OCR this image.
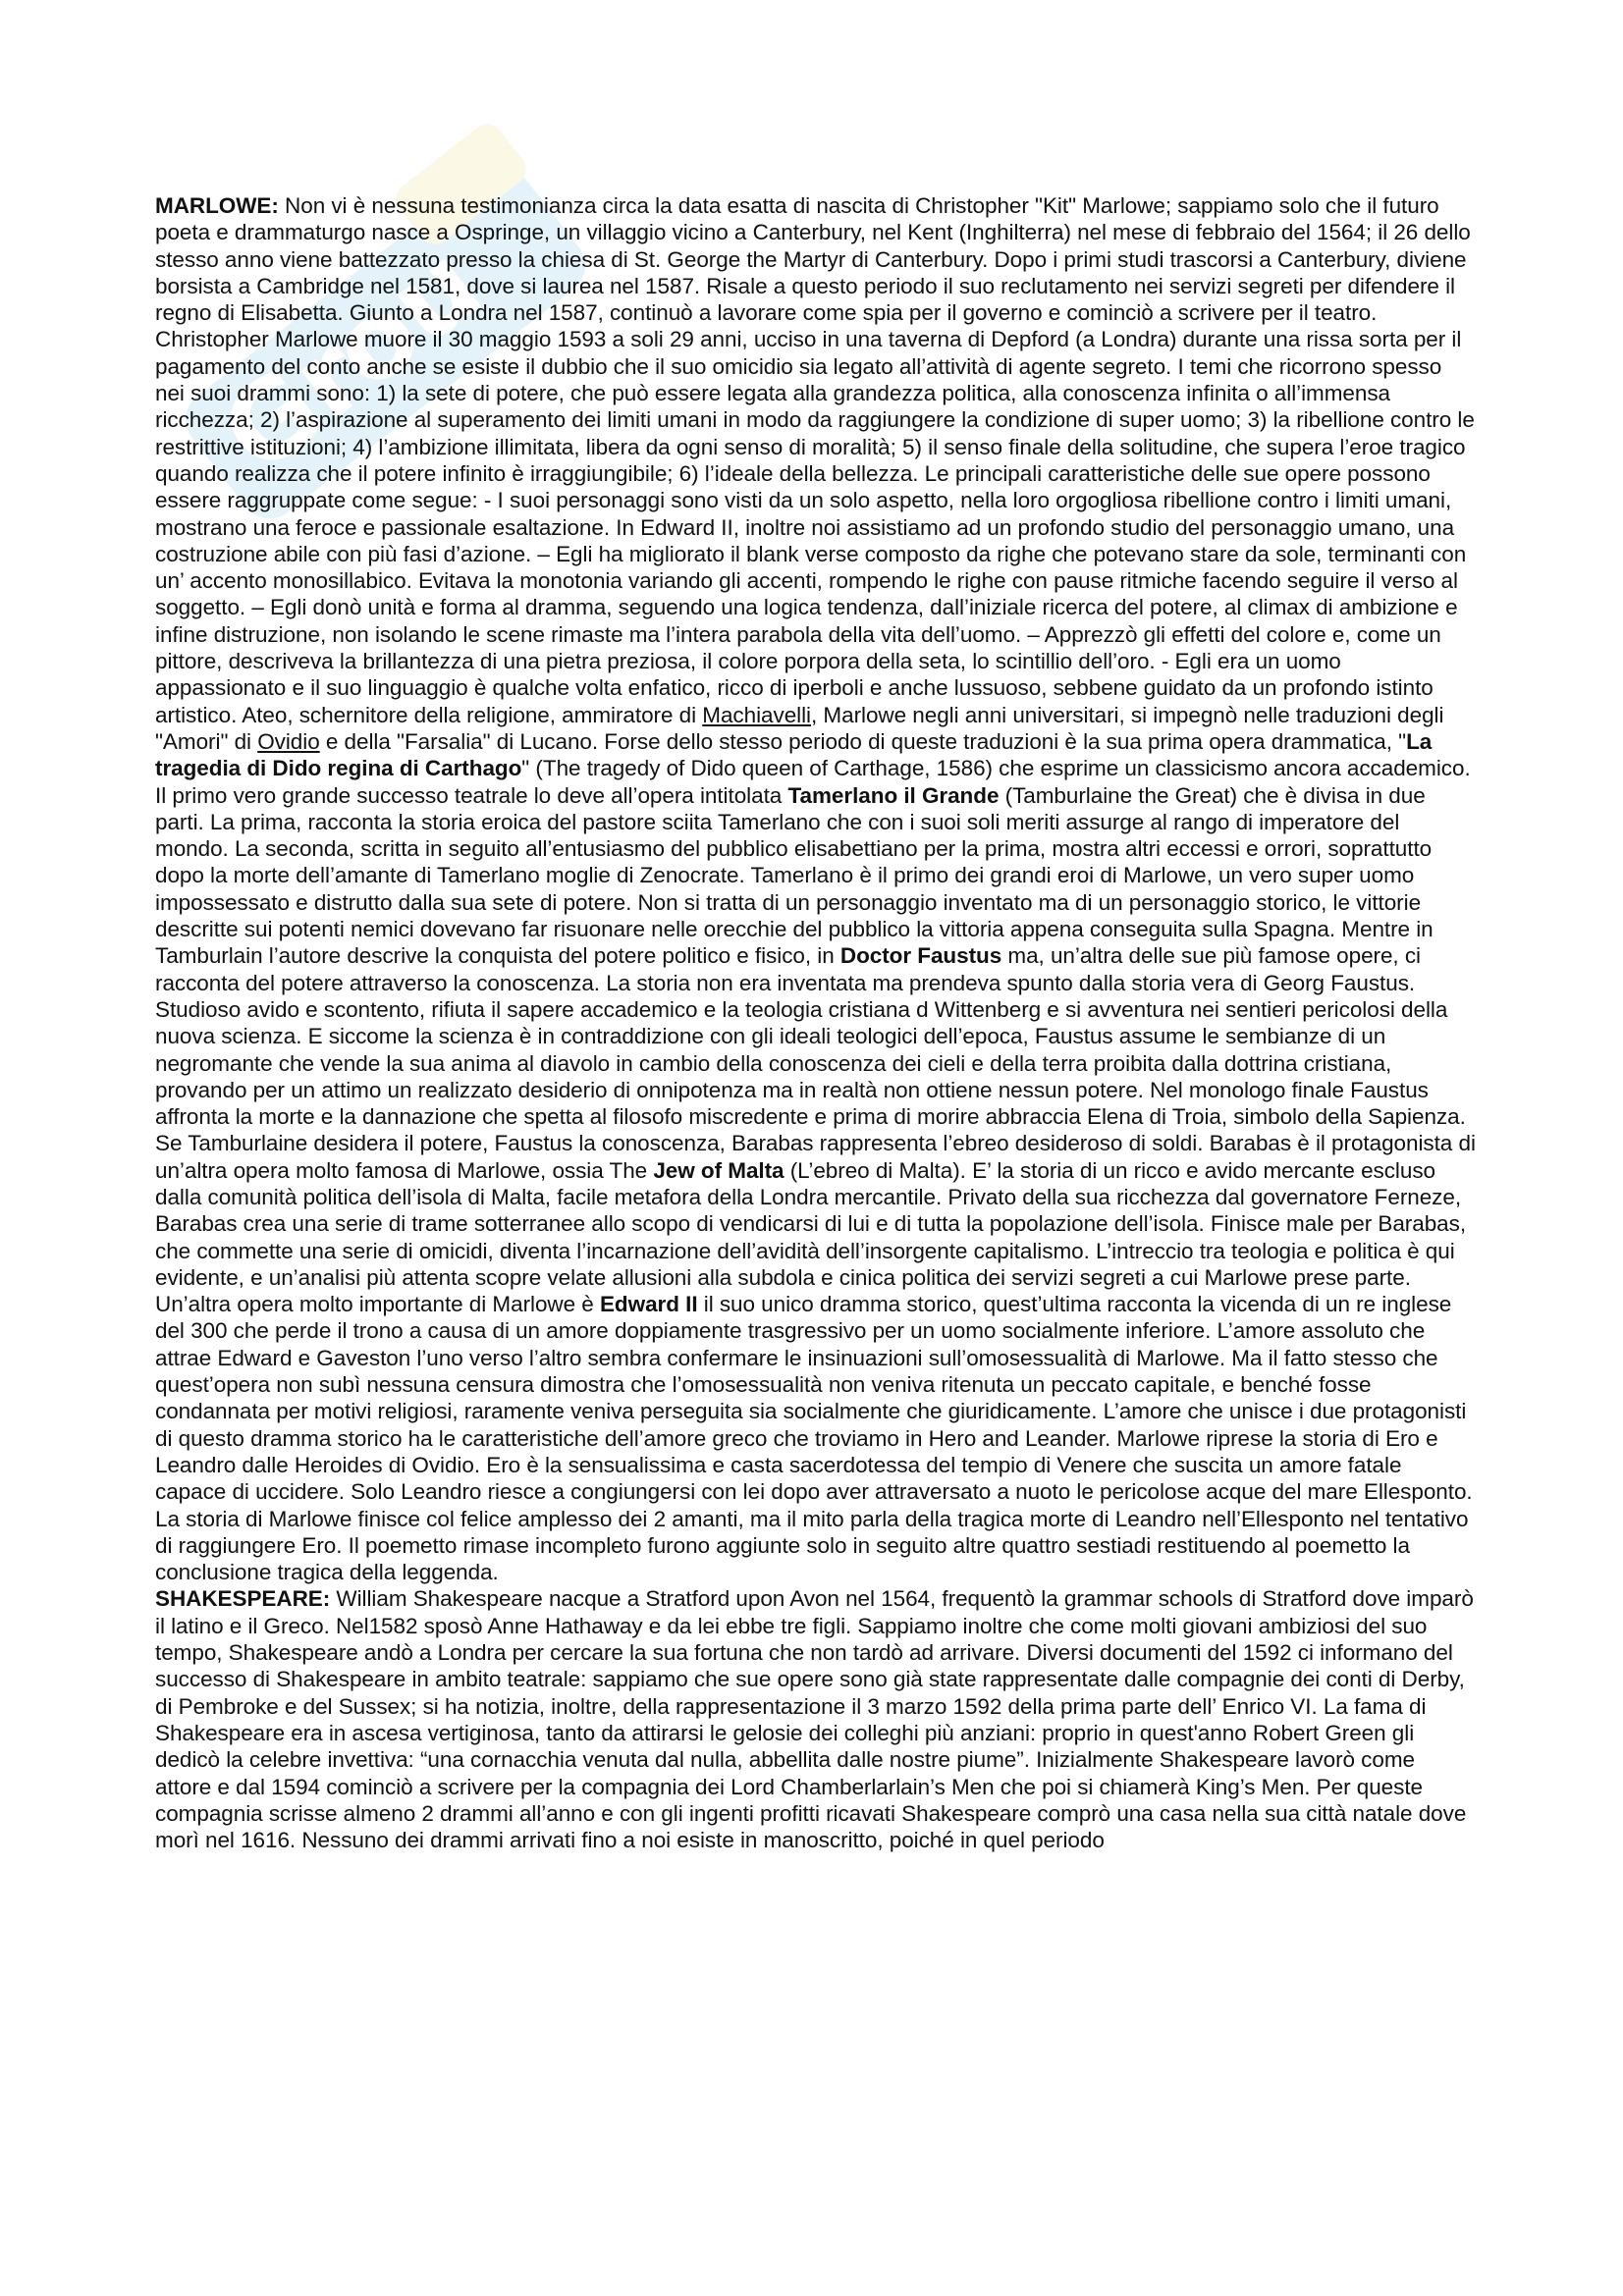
Gr
ou

MARLOWE: Non vi è nessuna testimonianza circa la data esatta di nascita di Christopher "Kit" Marlowe; sappiamo solo che il futuro poeta e drammaturgo nasce a Ospringe, un villaggio vicino a Canterbury, nel Kent (Inghilterra) nel mese di febbraio del 1564; il 26 dello stesso anno viene battezzato presso la chiesa di St. George the Martyr di Canterbury. Dopo i primi studi trascorsi a Canterbury, diviene borsista a Cambridge nel 1581, dove si laurea nel 1587. Risale a questo periodo il suo reclutamento nei servizi segreti per difendere il regno di Elisabetta. Giunto a Londra nel 1587, continuò a lavorare come spia per il governo e cominciò a scrivere per il teatro. Christopher Marlowe muore il 30 maggio 1593 a soli 29 anni, ucciso in una taverna di Depford (a Londra) durante una rissa sorta per il pagamento del conto anche se esiste il dubbio che il suo omicidio sia legato all’attività di agente segreto. I temi che ricorrono spesso nei suoi drammi sono: 1) la sete di potere, che può essere legata alla grandezza politica, alla conoscenza infinita o all’immensa ricchezza; 2) l’aspirazione al superamento dei limiti umani in modo da raggiungere la condizione di super uomo; 3) la ribellione contro le restrittive istituzioni; 4) l’ambizione illimitata, libera da ogni senso di moralità; 5) il senso finale della solitudine, che supera l’eroe tragico quando realizza che il potere infinito è irraggiungibile; 6) l’ideale della bellezza. Le principali caratteristiche delle sue opere possono essere raggruppate come segue: - I suoi personaggi sono visti da un solo aspetto, nella loro orgogliosa ribellione contro i limiti umani, mostrano una feroce e passionale esaltazione. In Edward II, inoltre noi assistiamo ad un profondo studio del personaggio umano, una costruzione abile con più fasi d’azione. – Egli ha migliorato il blank verse composto da righe che potevano stare da sole, terminanti con un’ accento monosillabico. Evitava la monotonia variando gli accenti, rompendo le righe con pause ritmiche facendo seguire il verso al soggetto. – Egli donò unità e forma al dramma, seguendo una logica tendenza, dall’iniziale ricerca del potere, al climax di ambizione e infine distruzione, non isolando le scene rimaste ma l’intera parabola della vita dell’uomo. – Apprezzò gli effetti del colore e, come un pittore, descriveva la brillantezza di una pietra preziosa, il colore porpora della seta, lo scintillio dell’oro. - Egli era un uomo appassionato e il suo linguaggio è qualche volta enfatico, ricco di iperboli e anche lussuoso, sebbene guidato da un profondo istinto artistico. Ateo, schernitore della religione, ammiratore di Machiavelli, Marlowe negli anni universitari, si impegnò nelle traduzioni degli "Amori" di Ovidio e della "Farsalia" di Lucano. Forse dello stesso periodo di queste traduzioni è la sua prima opera drammatica, "La tragedia di Dido regina di Carthago" (The tragedy of Dido queen of Carthage, 1586) che esprime un classicismo ancora accademico. Il primo vero grande successo teatrale lo deve all’opera intitolata Tamerlano il Grande (Tamburlaine the Great) che è divisa in due parti. La prima, racconta la storia eroica del pastore sciita Tamerlano che con i suoi soli meriti assurge al rango di imperatore del mondo. La seconda, scritta in seguito all’entusiasmo del pubblico elisabettiano per la prima, mostra altri eccessi e orrori, soprattutto dopo la morte dell’amante di Tamerlano moglie di Zenocrate. Tamerlano è il primo dei grandi eroi di Marlowe, un vero super uomo impossessato e distrutto dalla sua sete di potere. Non si tratta di un personaggio inventato ma di un personaggio storico, le vittorie descritte sui potenti nemici dovevano far risuonare nelle orecchie del pubblico la vittoria appena conseguita sulla Spagna. Mentre in Tamburlain l’autore descrive la conquista del potere politico e fisico, in Doctor Faustus ma, un’altra delle sue più famose opere, ci racconta del potere attraverso la conoscenza. La storia non era inventata ma prendeva spunto dalla storia vera di Georg Faustus. Studioso avido e scontento, rifiuta il sapere accademico e la teologia cristiana d Wittenberg e si avventura nei sentieri pericolosi della nuova scienza. E siccome la scienza è in contraddizione con gli ideali teologici dell’epoca, Faustus assume le sembianze di un negromante che vende la sua anima al diavolo in cambio della conoscenza dei cieli e della terra proibita dalla dottrina cristiana, provando per un attimo un realizzato desiderio di onnipotenza ma in realtà non ottiene nessun potere. Nel monologo finale Faustus affronta la morte e la dannazione che spetta al filosofo miscredente e prima di morire abbraccia Elena di Troia, simbolo della Sapienza. Se Tamburlaine desidera il potere, Faustus la conoscenza, Barabas rappresenta l’ebreo desideroso di soldi. Barabas è il protagonista di un’altra opera molto famosa di Marlowe, ossia The Jew of Malta (L’ebreo di Malta). E’ la storia di un ricco e avido mercante escluso dalla comunità politica dell’isola di Malta, facile metafora della Londra mercantile. Privato della sua ricchezza dal governatore Ferneze, Barabas crea una serie di trame sotterranee allo scopo di vendicarsi di lui e di tutta la popolazione dell’isola. Finisce male per Barabas, che commette una serie di omicidi, diventa l’incarnazione dell’avidità dell’insorgente capitalismo. L’intreccio tra teologia e politica è qui evidente, e un’analisi più attenta scopre velate allusioni alla subdola e cinica politica dei servizi segreti a cui Marlowe prese parte. Un’altra opera molto importante di Marlowe è Edward II il suo unico dramma storico, quest’ultima racconta la vicenda di un re inglese del 300 che perde il trono a causa di un amore doppiamente trasgressivo per un uomo socialmente inferiore. L’amore assoluto che attrae Edward e Gaveston l’uno verso l’altro sembra confermare le insinuazioni sull’omosessualità di Marlowe. Ma il fatto stesso che quest’opera non subì nessuna censura dimostra che l’omosessualità non veniva ritenuta un peccato capitale, e benché fosse condannata per motivi religiosi, raramente veniva perseguita sia socialmente che giuridicamente. L’amore che unisce i due protagonisti di questo dramma storico ha le caratteristiche dell’amore greco che troviamo in Hero and Leander. Marlowe riprese la storia di Ero e Leandro dalle Heroides di Ovidio. Ero è la sensualissima e casta sacerdotessa del tempio di Venere che suscita un amore fatale capace di uccidere. Solo Leandro riesce a congiungersi con lei dopo aver attraversato a nuoto le pericolose acque del mare Ellesponto. La storia di Marlowe finisce col felice amplesso dei 2 amanti, ma il mito parla della tragica morte di Leandro nell’Ellesponto nel tentativo di raggiungere Ero. Il poemetto rimase incompleto furono aggiunte solo in seguito altre quattro sestiadi restituendo al poemetto la conclusione tragica della leggenda.

SHAKESPEARE: William Shakespeare nacque a Stratford upon Avon nel 1564, frequentò la grammar schools di Stratford dove imparò il latino e il Greco. Nel1582 sposò Anne Hathaway e da lei ebbe tre figli. Sappiamo inoltre che come molti giovani ambiziosi del suo tempo, Shakespeare andò a Londra per cercare la sua fortuna che non tardò ad arrivare. Diversi documenti del 1592 ci informano del successo di Shakespeare in ambito teatrale: sappiamo che sue opere sono già state rappresentate dalle compagnie dei conti di Derby, di Pembroke e del Sussex; si ha notizia, inoltre, della rappresentazione il 3 marzo 1592 della prima parte dell’ Enrico VI. La fama di Shakespeare era in ascesa vertiginosa, tanto da attirarsi le gelosie dei colleghi più anziani: proprio in quest'anno Robert Green gli dedicò la celebre invettiva: “una cornacchia venuta dal nulla, abbellita dalle nostre piume”. Inizialmente Shakespeare lavorò come attore e dal 1594 cominciò a scrivere per la compagnia dei Lord Chamberlarlain’s Men che poi si chiamerà King’s Men. Per queste compagnia scrisse almeno 2 drammi all’anno e con gli ingenti profitti ricavati Shakespeare comprò una casa nella sua città natale dove morì nel 1616. Nessuno dei drammi arrivati fino a noi esiste in manoscritto, poiché in quel periodo
